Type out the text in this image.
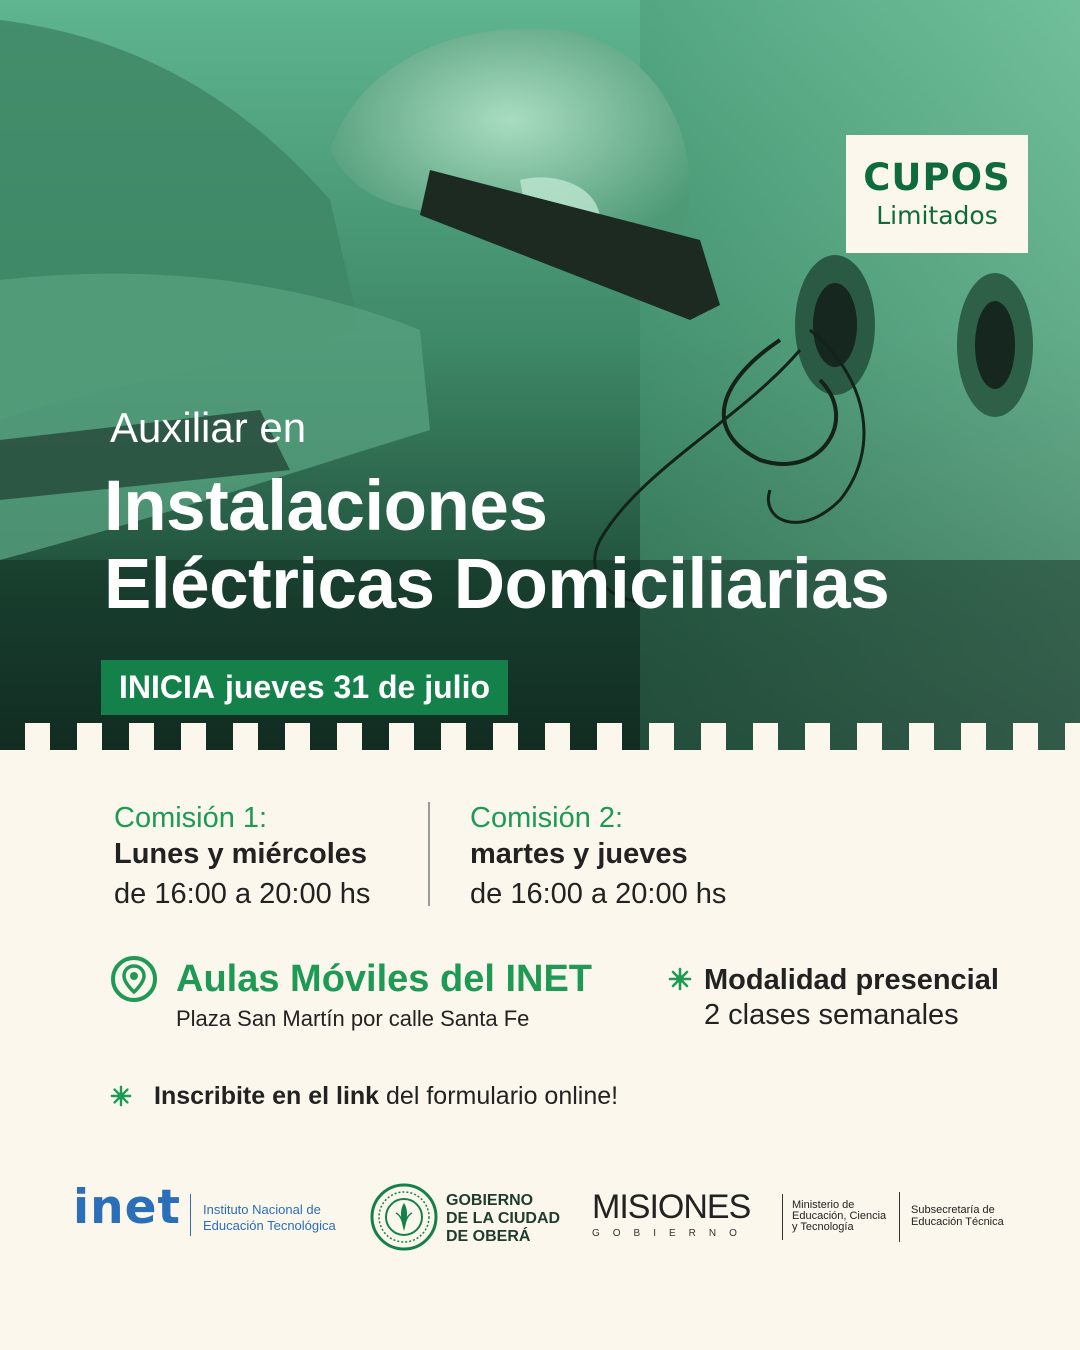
CUPOS
Limitados
Auxiliar en
Instalaciones
Eléctricas Domiciliarias
INICIA jueves 31 de julio
Comisión 1:
Lunes y miércoles
de 16:00 a 20:00 hs
Comisión 2:
martes y jueves
de 16:00 a 20:00 hs
Aulas Móviles del INET
Plaza San Martín por calle Santa Fe
Modalidad presencial
2 clases semanales
Inscribite en el link del formulario online!
inet Instituto Nacional de
Educación Tecnológica
GOBIERNO
DE LA CIUDAD
DE OBERÁ
MISIONES
GOBIERNO
Ministerio de
Educación, Ciencia
y Tecnología
Subsecretaría de
Educación Técnica
